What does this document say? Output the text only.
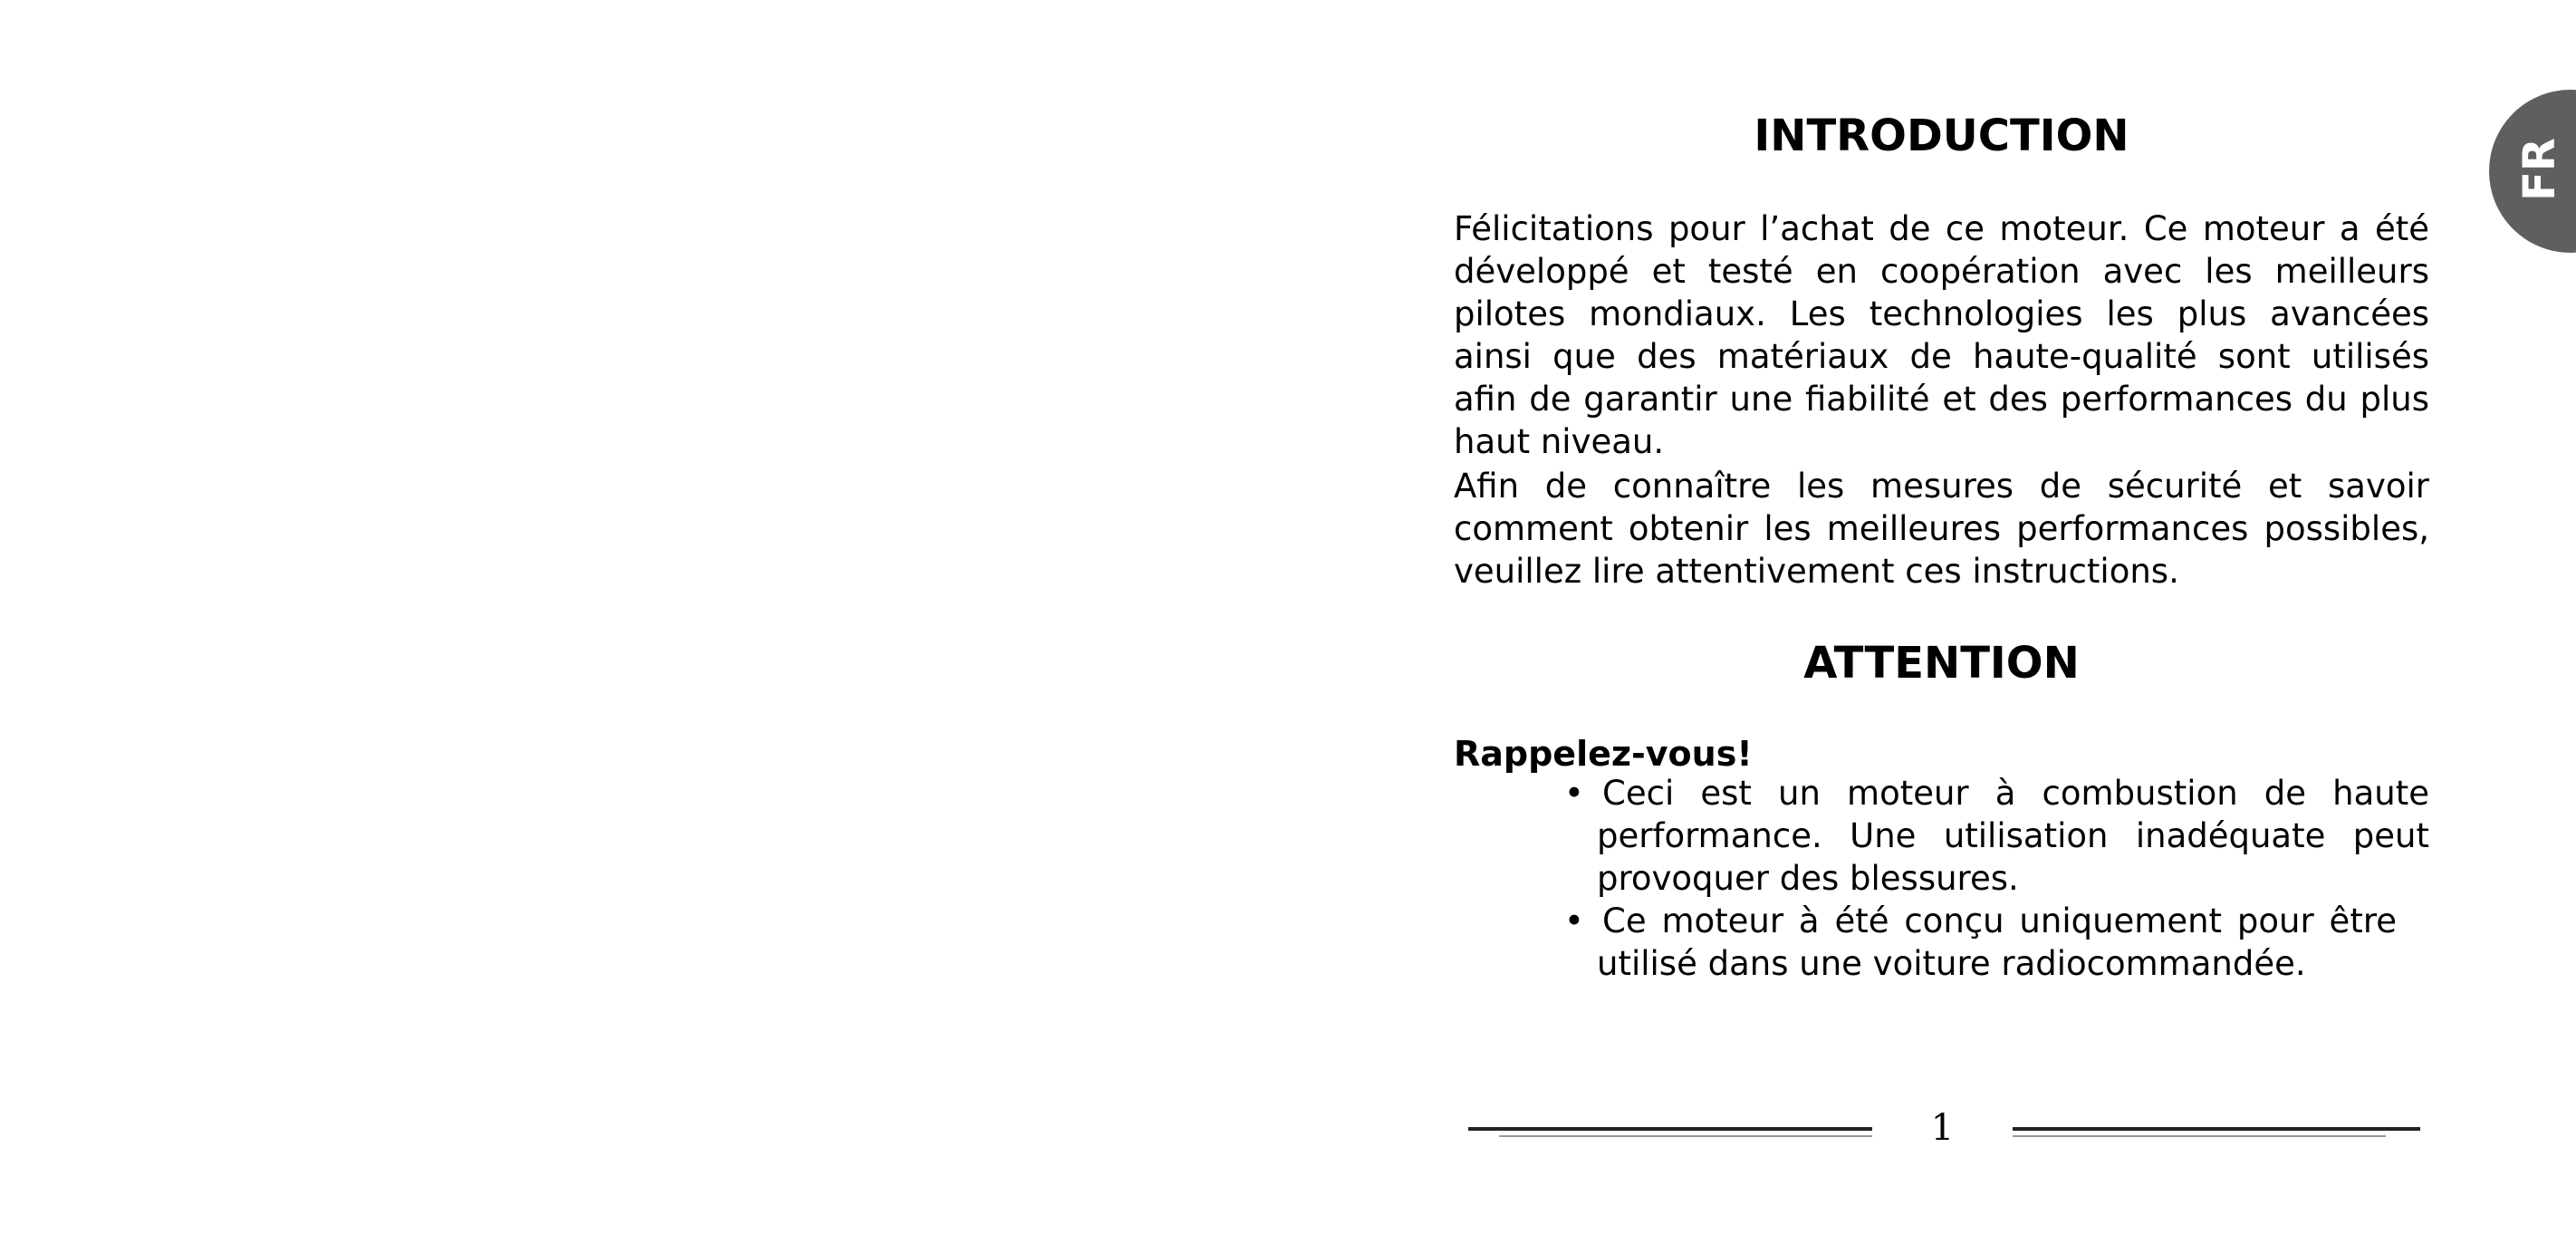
INTRODUCTION

Félicitations pour l’achat de ce moteur. Ce moteur a été développé et testé en coopération avec les meilleurs pilotes mondiaux. Les technologies les plus avancées ainsi que des matériaux de haute-qualité sont utilisés afin de garantir une fiabilité et des performances du plus haut niveau.

Afin de connaître les mesures de sécurité et savoir comment obtenir les meilleures performances possibles, veuillez lire attentivement ces instructions.

ATTENTION

Rappelez-vous!

• Ceci est un moteur à combustion de haute performance. Une utilisation inadéquate peut provoquer des blessures.
• Ce moteur à été conçu uniquement pour être utilisé dans une voiture radiocommandée.
1
FR
